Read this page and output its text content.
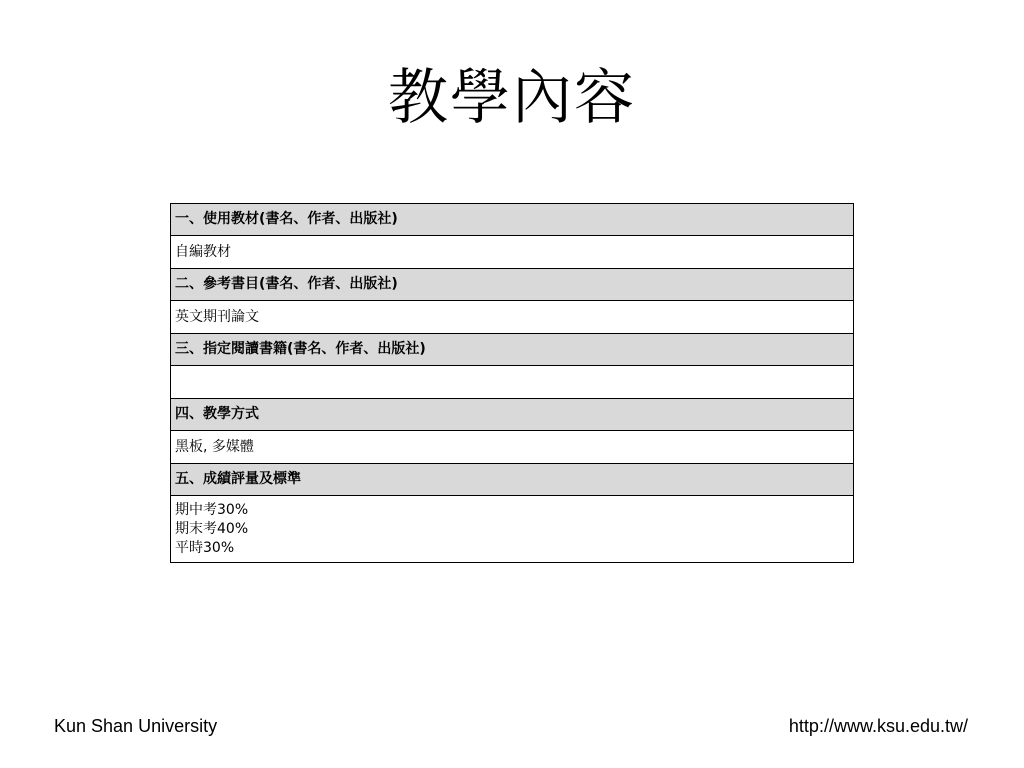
教學內容
一、使用教材(書名、作者、出版社)
自編教材
二、參考書目(書名、作者、出版社)
英文期刊論文
三、指定閱讀書籍(書名、作者、出版社)

四、教學方式
黑板, 多媒體
五、成績評量及標準

期中考30%
期末考40%
平時30%
Kun Shan University	http://www.ksu.edu.tw/
